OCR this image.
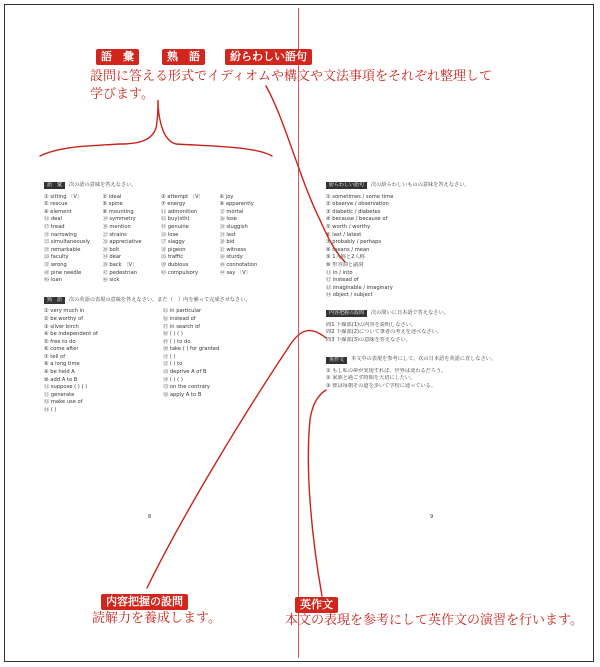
語　彙	熟　語	紛らわしい語句
設問に答える形式でイディオムや構文や文法事項をそれぞれ整理して
学びます。
語　彙	次の語の意味を答えなさい。
① sitting 〔V〕	② ideal	③ attempt 〔V〕	④ joy
⑤ rescue	⑥ spine	⑦ energy	⑧ apparently
⑨ element	⑩ mounting	⑪ admonition	⑫ mortal
⑬ deal	⑭ symmetry	⑮ buy(sth)	⑯ lose
⑰ tread	⑱ mention	⑲ genuine	⑳ sluggish
㉑ narrowing	㉒ strains	㉓ lose	㉔ last
㉕ simultaneously	㉖ appreciative	㉗ slaggy	㉘ bid
㉙ remarkable	㉚ bolt	㉛ pigeon	㉜ witness
㉝ faculty	㉞ dear	㉟ traffic	㊱ sturdy
㊲ wrong	㊳ back 〔V〕	㊴ dubious	㊵ connotation
㊶ pine needle	㊷ pedestrian	㊸ compulsory	㊹ say 〔V〕
㊺ loan	㊻ sick
熟　語	次の英語の表現の意味を答えなさい。また（　）内を補って完成させなさい。
① very much in
② be worthy of
③ silver birch
④ be independent of
⑤ free to do
⑥ come after
⑦ tell of
⑧ a long time
⑨ be held A
⑩ add A to B
⑪ suppose ( ) ( )
⑫ generate
⑬ make use of
⑭ ( )
⑮ in particular
⑯ instead of
⑰ in search of
⑱ ( ) ( )
⑲ ( ) to do
⑳ take ( ) for granted
㉑ ( )
㉒ ( ) to
㉓ deprive A of B
㉔ ( ) ( )
㉕ on the contrary
㉖ apply A to B
8
紛らわしい語句	次の紛らわしいものの意味を答えなさい。
① sometimes / some time
② observe / observation
③ diabetic / diabetes
④ because / because of
⑤ worth / worthy
⑥ last / latest
⑦ probably / perhaps
⑧ means / mean
⑨ 1人称と2人称
⑩ 形容詞と副詞
⑪ in / into
⑫ instead of
⑬ imaginable / imaginary
⑭ object / subject
内容把握の設問	次の問いに日本語で答えなさい。
問1 下線部(1)の内容を説明しなさい。
問2 下線部(2)について筆者の考えを述べなさい。
問3 下線部(3)の意味を答えなさい。
英作文	本文中の表現を参考にして、次の日本語を英語に直しなさい。
① もし私の夢が実現すれば、世界は変わるだろう。
② 家族と過ごす時間を大切にしたい。
③ 彼は毎朝その道を歩いて学校に通っている。
9
内容把握の設問
読解力を養成します。
英作文
本文の表現を参考にして英作文の演習を行います。
